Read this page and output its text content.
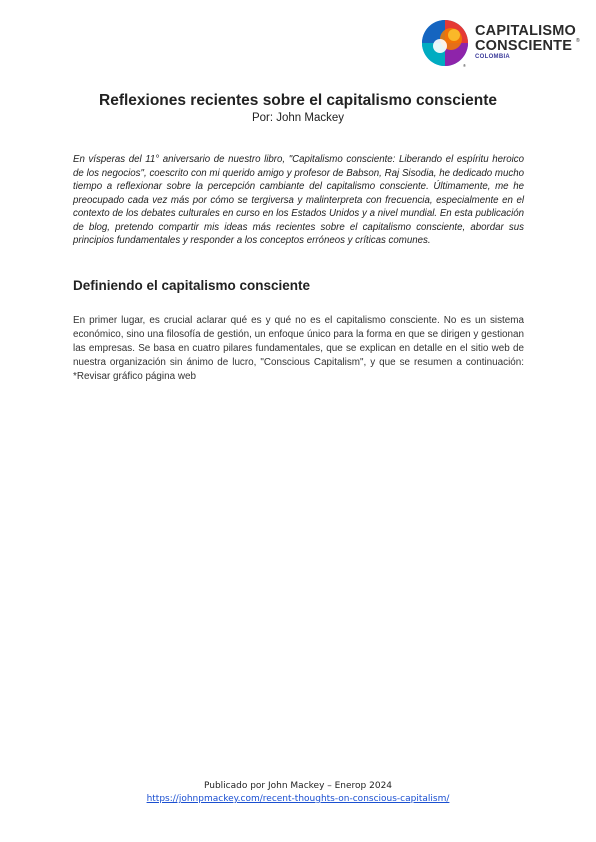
CAPITALISMO
CONSCIENTE ®
COLOMBIA
®
Reflexiones recientes sobre el capitalismo consciente
Por: John Mackey

En vísperas del 11° aniversario de nuestro libro, "Capitalismo consciente: Liberando el espíritu heroico de los negocios", coescrito con mi querido amigo y profesor de Babson, Raj Sisodia, he dedicado mucho tiempo a reflexionar sobre la percepción cambiante del capitalismo consciente. Últimamente, me he preocupado cada vez más por cómo se tergiversa y malinterpreta con frecuencia, especialmente en el contexto de los debates culturales en curso en los Estados Unidos y a nivel mundial. En esta publicación de blog, pretendo compartir mis ideas más recientes sobre el capitalismo consciente, abordar sus principios fundamentales y responder a los conceptos erróneos y críticas comunes.

Definiendo el capitalismo consciente

En primer lugar, es crucial aclarar qué es y qué no es el capitalismo consciente. No es un sistema económico, sino una filosofía de gestión, un enfoque único para la forma en que se dirigen y gestionan las empresas. Se basa en cuatro pilares fundamentales, que se explican en detalle en el sitio web de nuestra organización sin ánimo de lucro, "Conscious Capitalism", y que se resumen a continuación: *Revisar gráfico página web

Publicado por John Mackey – Enerop 2024
https://johnpmackey.com/recent-thoughts-on-conscious-capitalism/
